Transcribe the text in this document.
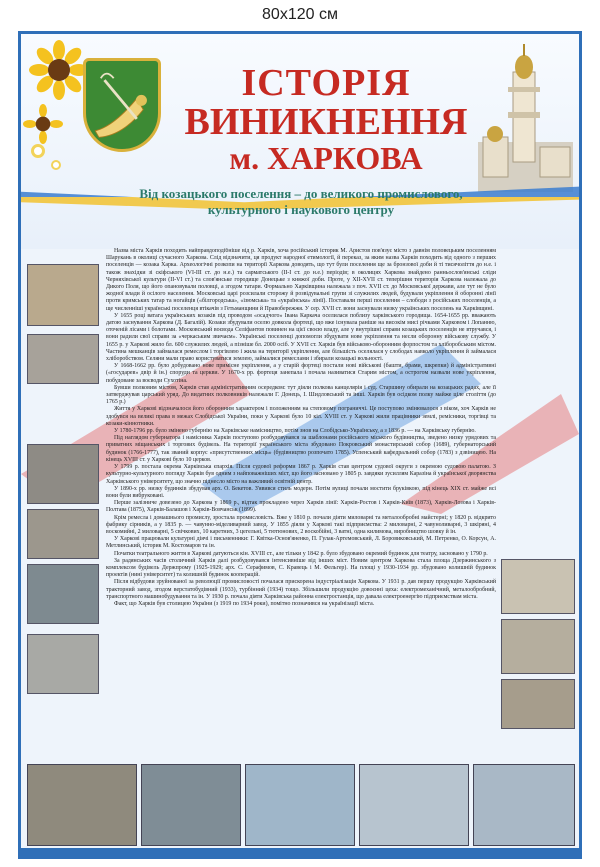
80x120 см
ІСТОРІЯ
ВИНИКНЕННЯ
м. ХАРКОВА
Від козацького поселення – до великого промислового,
культурного і наукового центру

Назва міста Харків походить найправдоподібніше від р. Харків, хоча російський історик М. Аристов пов'язує місто з давнім половецьким поселенням Шарукань в околиці сучасного Харкова. Слід відзначити, ця продукт народної етимології, й переказ, за яким назва Харків походить від одного з перших поселенців — козака Харка. Археологічні розкопи на території Харкова доводять, що тут були поселення ще за бронзової доби й ті тисячоліття до н.е. і також знахідки зі скіфського (VI-III ст. до н.е.) та сарматського (II-I ст. до н.е.) періодів; в околицях Харкова знайдено ранньослов'янські сліди Черняхівської культури (II-VI ст.) та слов'янське городище Донецьке з княжої доби. Проте, у XII-XVII ст. теперішня територія Харкова належала до Дикого Поля, що його опановували половці, а згодом татари. Формально Харківщина належала з поч. XVII ст. до Московської держави, але тут не було жодної влади й осілого населення. Московські царі розсилали сторожу й розвідувальні групи зі служилих людей, будували укріплення й оборонні лінії проти кримських татар та ногайців («білгородська», «ізюмська» та «українська» лінії). Поставали перші поселення – слободи з російських поселенців, а ще численніші українські поселенця втікачів з Гетьманщини й Правобережжя. У сер. XVII ст. вони заснували низку українських поселень на Харківщині.

У 1655 році ватага українських козаків під проводом «осадчого» Івана Каркача оселилася поблизу харківського городища. 1654-1655 рр. вважають датою заснування Харкова (Д. Багалій). Козаки збудували оселю довкола фортеці, що вже існувала раніше на високім мисі річками Харковом і Лопанню, оточеній лісами і болотами. Московський воєвода Селіфантов повинен на цієї своєю владу, але у внутрішні справи козацьких поселенців не втручався, і вони радили свої справи за «черкаським звичаєм». Українські поселенці допомогли збудувати нове укріплення та несли оборонну військову службу. У 1655 р. у Харкові жило бл. 600 служилих людей, а пізніше бл. 2000 осіб. У XVII ст. Харків був військово-оборонним форпостом та хліборобським містом. Частина мешканців займалася ремеслом і торгівлею і жила на території укріплення, але більшість оселялася у слободах навколо укріплення й займалася хліборобством. Селяни мали право користуватися землею, займалися ремеслами і збирали козацькі вольності.

У 1668-1662 рр. було добудовано нове примісне укріплення, а у старій фортеці постали нові військові (башти, брами, шкрепки) й адміністративні («государев» двір й ін.) споруди та церкви. У 1670-х рр. фортеця занепала і почала називатися Старим містом, а острогом назвали нове укріплення, побудоване за воєводи Сухотіна.

Бувши полковим містом, Харків став адміністративним осередком: тут діяли полкова канцелярія і суд. Старшину обирали на козацьких радах, але її затверджував царський уряд. До видатних полковників належали Г. Донець, І. Шидловський та інші. Харків був осідком полку майже ціле століття (до 1765 р.)

Життя у Харкові відзначалося його оборонним характером і положенням на степовому пограниччі. Це поступово змінювалося з віком, хоч Харків не здобувся на великі права в межах Слобідської України, поки у Харкові було 10 кіл. XVIII ст. у Харкові жили працівники землі, ремісники, торгівці та козаки-кіннотники.

У 1780-1796 рр. було змінено губернію на Харківське намісництво, потім знов на Слобідсько-Українську, а з 1836 р. — на Харківську губернію.

Під наглядом губернатора і намісника Харків поступово розбудовувався за шаблонами російського міського будівництва, зведено низку урядових та приватних міщанських і торгових будівель. На території українського міста збудовано Покровський монастирський собор (1689), губернаторський будинок (1766-1777), так званий корпус «присутственних місць» (будівництво розпочато 1785). Успенський кафедральний собор (1783) з дзвіницею. На кінець XVIII ст. у Харкові було 10 церков.

У 1799 р. постала окрема Харківська єпархія. Після судової реформи 1867 р. Харків став центром судової округи з окремою судовою палатою. З культурно-культурного погляду Харків був одним з найповажніших міст, що його засновано у 1805 р. завдяки зусиллям Каразіна й української дворянства Харківського університету, що значно піднесло місто на важливий освітній центр.

У 1890-х рр. низку будинків збудував арх. О. Бекетов. З'явився стиль модерн. Потім вулиці почали мостити бруківкою, під кінець XIX ст. майже всі вони були вибруковані.

Перше залізниче довезено до Харкова у 1869 р., відтак прокладено через Харків лінії: Харків-Ростов і Харків-Київ (1873), Харків-Лозова і Харків-Полтава (1875), Харків-Балашов і Харків-Вовчанськ (1899).

Крім ремесла і домашнього промислу, зростала промисловість. Вже у 1810 р. почали діяти миловарні та металообробні майстерні; у 1820 р. відкрито фабрику сірників, а у 1835 р. — чавунно-міделиварний завод. У 1855 діяли у Харкові такі підприємства: 2 миловарні, 2 чавуноливарні, 3 шкіряні, 4 воскомийні, 2 миловарні, 5 свічкових, 10 каретних, 3 цегельні, 5 тютюнових, 2 воскобійні, 3 ватні, одна килимова, виробництво шовку й ін.

У Харкові працювали культурні діячі і письменники: Г. Квітка-Основ'яненко, П. Гулак-Артемовський, Л. Боровиковський, М. Петренко, О. Корсун, А. Метлинський, історик М. Костомаров та ін.

Початки театрального життя в Харкові датуються кін. XVIII ст., але тільки у 1842 р. було збудовано окремий будинок для театру, засновано у 1790 р.

За радянських часів столичний Харків далі розбудовувався інтенсивніше від інших міст. Новим центром Харкова стала площа Дзержинського з комплексом будівель Держпрому (1925-1929; арх. С. Серафимов, С. Кравець і М. Фельгер). На площі у 1930-1934 рр. збудовано колишній будинок проектів (нині університет) та колишній будинок кооперацій.

Після відбудови зруйнованої за революції промисловості почалася прискорена індустріалізація Харкова. У 1931 р. дав першу продукцію Харківський тракторний завод, згодом верстатобудівний (1933), турбінний (1934) тощо. Збільшили продукцію довоєнні цеха: електромеханічний, металообробний, транспортного машинобудування та ін. У 1930 р. почала діяти Харківська районна електростанція, що давала електроенергію підприємствам міста.

Факт, що Харків був столицею України (з 1919 по 1934 роки), помітно позначився на українізації міста.
